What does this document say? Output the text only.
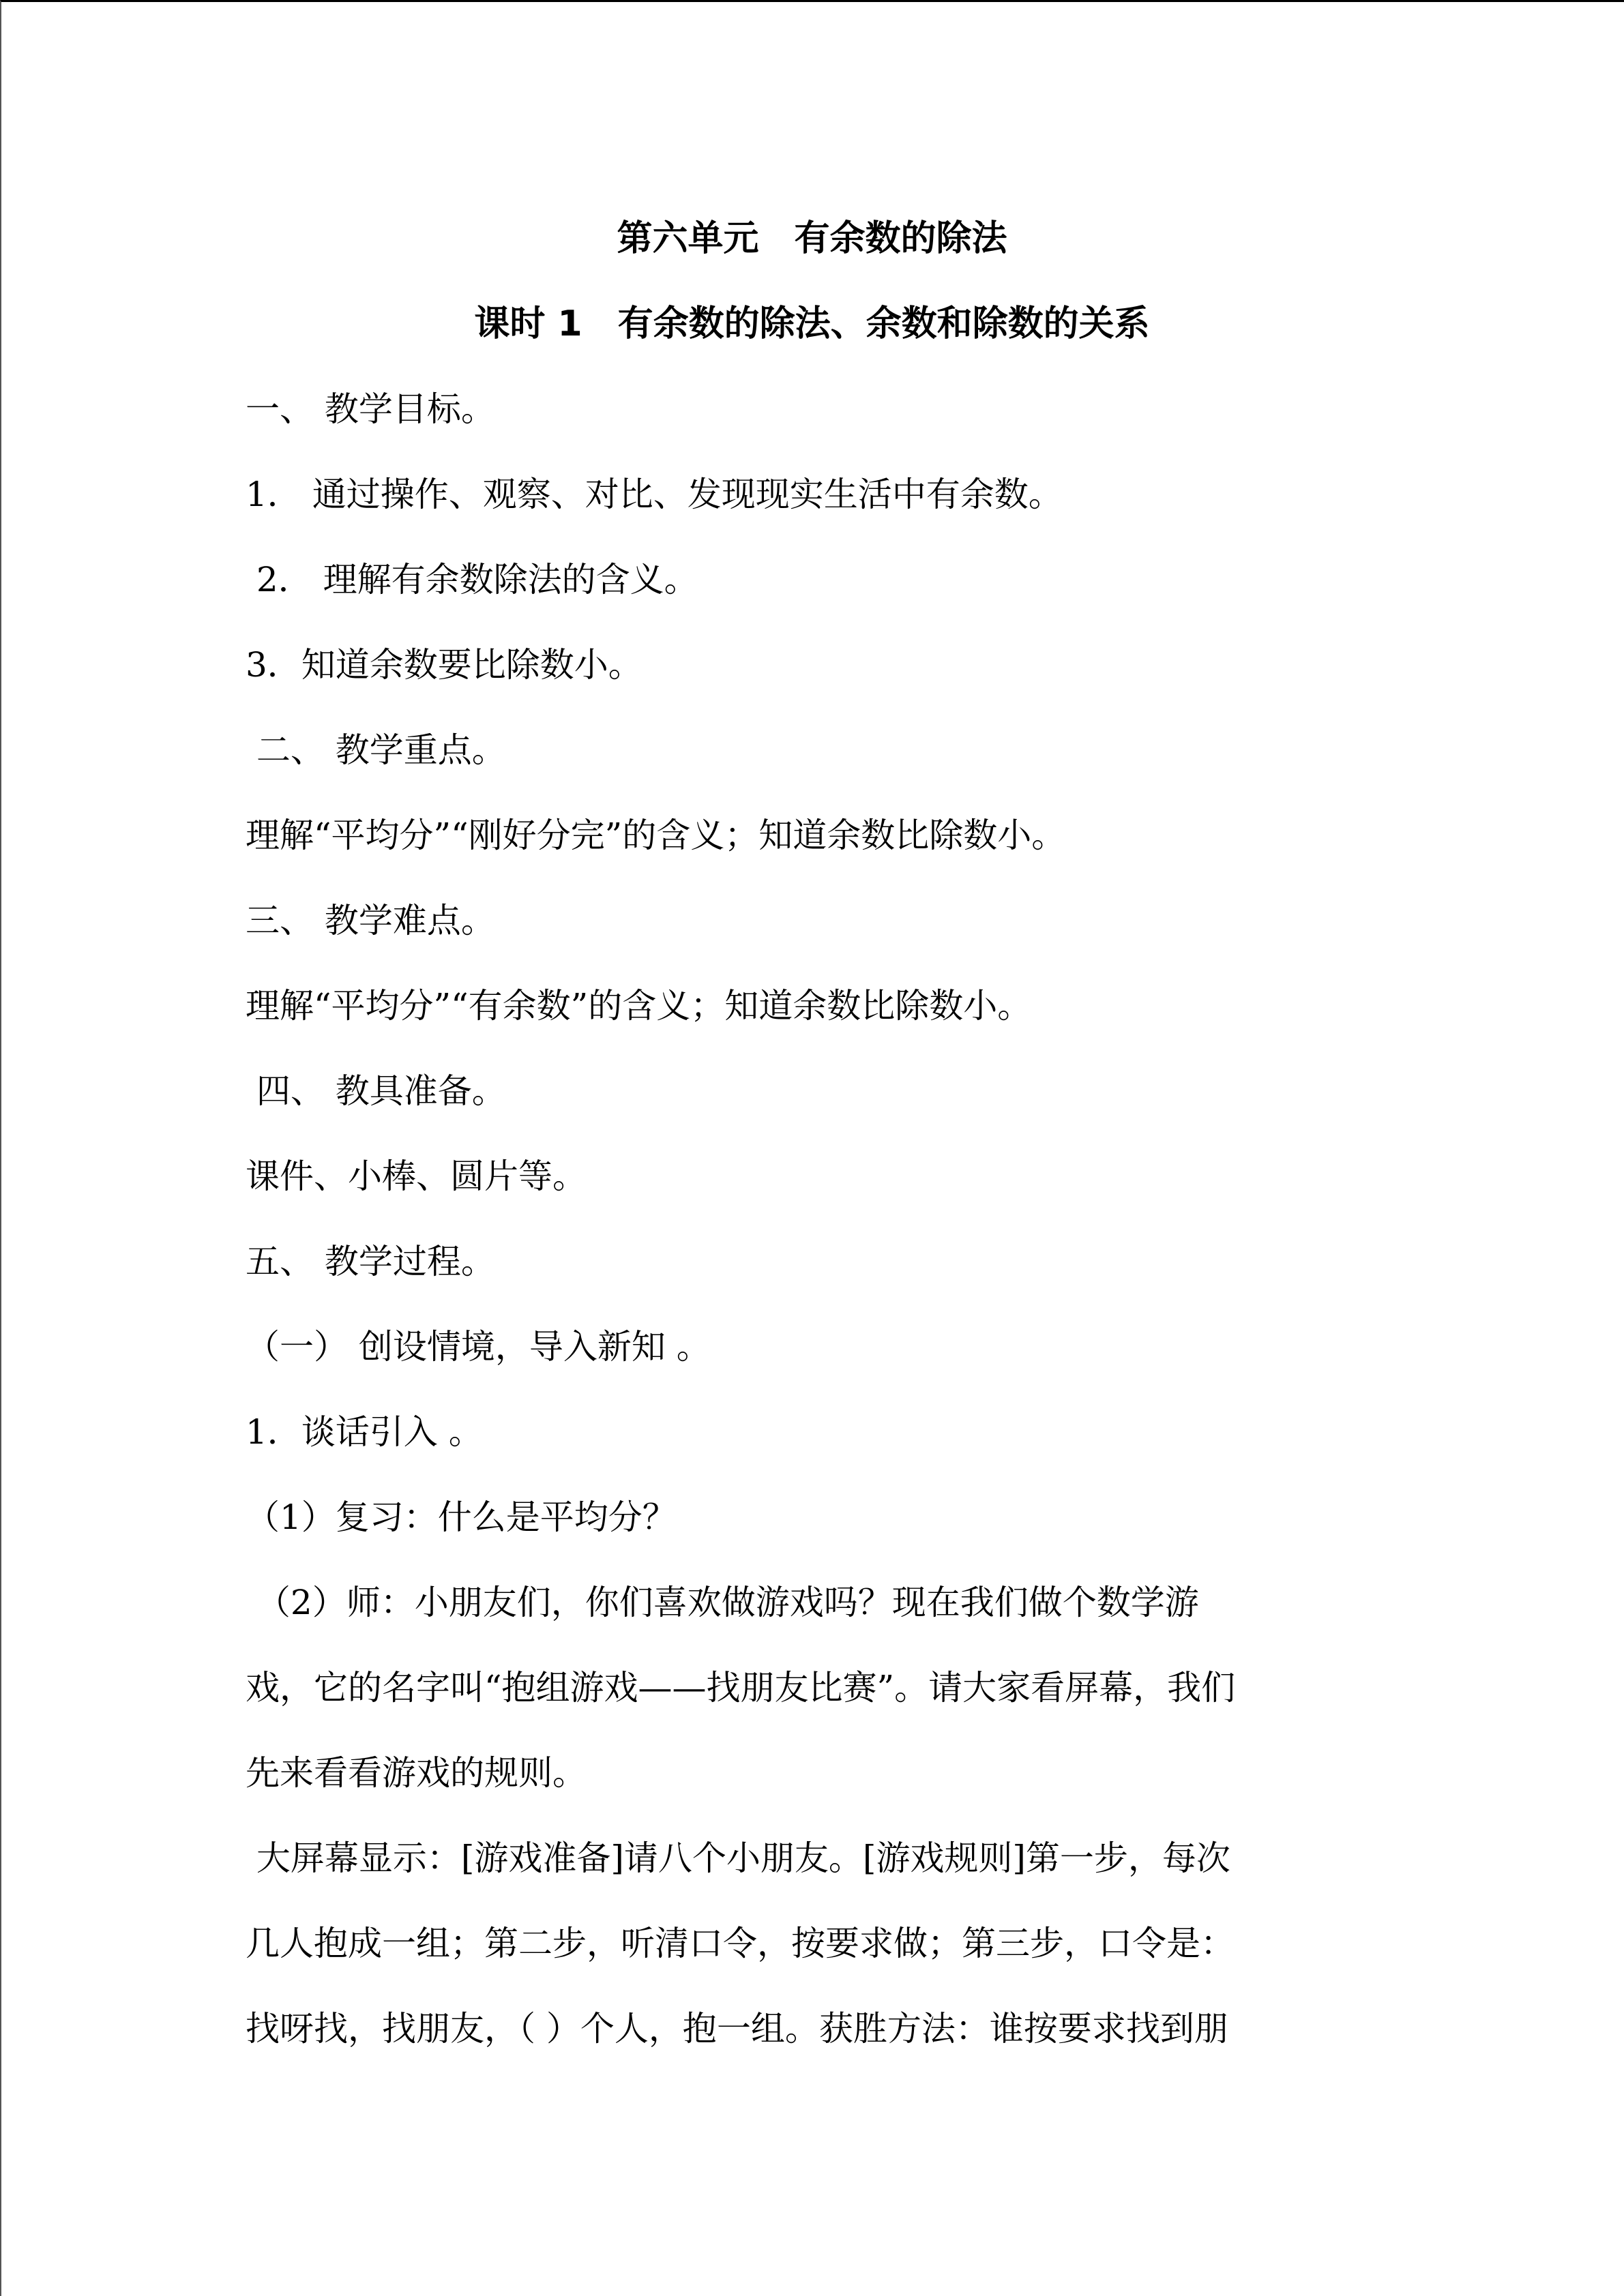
第六单元　有余数的除法
课时 1　有余数的除法、余数和除数的关系
一、 教学目标。
1． 通过操作、观察、对比、发现现实生活中有余数。
2． 理解有余数除法的含义。
3．知道余数要比除数小。
二、 教学重点。
理解“平均分”“刚好分完”的含义；知道余数比除数小。
三、 教学难点。
理解“平均分”“有余数”的含义；知道余数比除数小。
四、 教具准备。
课件、小棒、圆片等。
五、 教学过程。
（一） 创设情境，导入新知 。
1．谈话引入 。
（1）复习：什么是平均分？
（2）师：小朋友们，你们喜欢做游戏吗？现在我们做个数学游
戏，它的名字叫“抱组游戏——找朋友比赛”。请大家看屏幕，我们
先来看看游戏的规则。
大屏幕显示：[游戏准备]请八个小朋友。[游戏规则]第一步，每次
几人抱成一组；第二步，听清口令，按要求做；第三步，口令是：
找呀找，找朋友，（ ）个人，抱一组。获胜方法：谁按要求找到朋
